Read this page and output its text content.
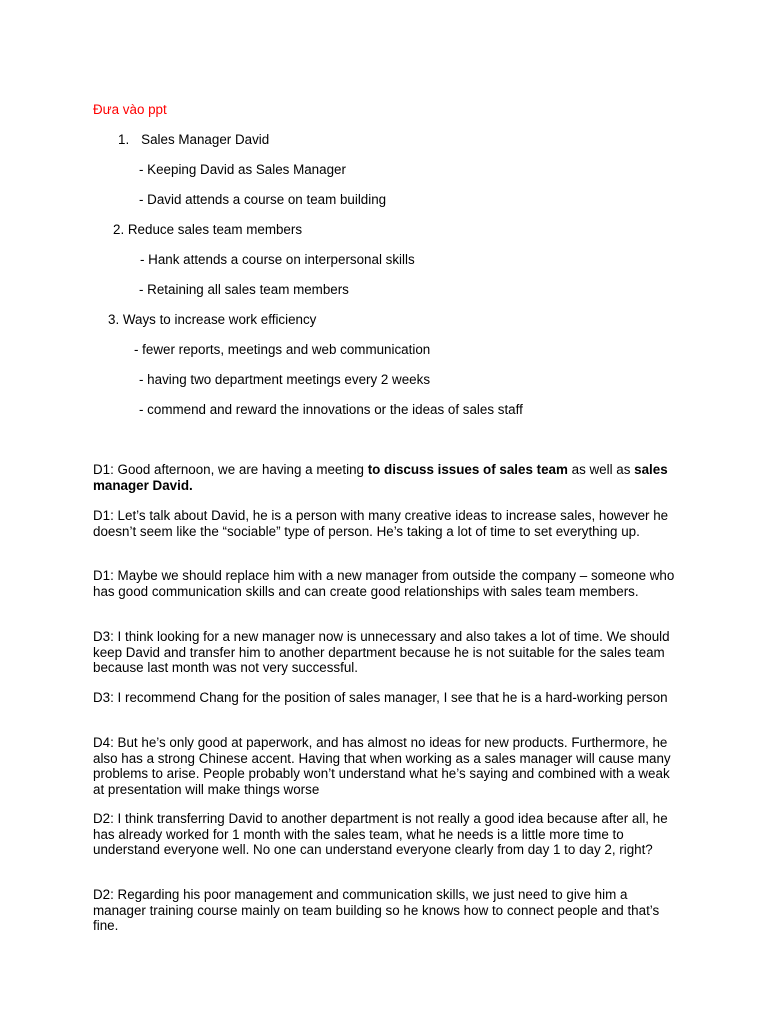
Đưa vào ppt
1. Sales Manager David
- Keeping David as Sales Manager
- David attends a course on team building
2. Reduce sales team members
- Hank attends a course on interpersonal skills
- Retaining all sales team members
3. Ways to increase work efficiency
- fewer reports, meetings and web communication
- having two department meetings every 2 weeks
- commend and reward the innovations or the ideas of sales staff
D1: Good afternoon, we are having a meeting to discuss issues of sales team as well as sales manager David.
D1: Let’s talk about David, he is a person with many creative ideas to increase sales, however he doesn’t seem like the “sociable” type of person. He’s taking a lot of time to set everything up.
D1: Maybe we should replace him with a new manager from outside the company – someone who has good communication skills and can create good relationships with sales team members.
D3: I think looking for a new manager now is unnecessary and also takes a lot of time. We should keep David and transfer him to another department because he is not suitable for the sales team because last month was not very successful.
D3: I recommend Chang for the position of sales manager, I see that he is a hard-working person
D4: But he’s only good at paperwork, and has almost no ideas for new products. Furthermore, he also has a strong Chinese accent. Having that when working as a sales manager will cause many problems to arise. People probably won’t understand what he’s saying and combined with a weak at presentation will make things worse
D2: I think transferring David to another department is not really a good idea because after all, he has already worked for 1 month with the sales team, what he needs is a little more time to understand everyone well. No one can understand everyone clearly from day 1 to day 2, right?
D2: Regarding his poor management and communication skills, we just need to give him a manager training course mainly on team building so he knows how to connect people and that’s fine.
